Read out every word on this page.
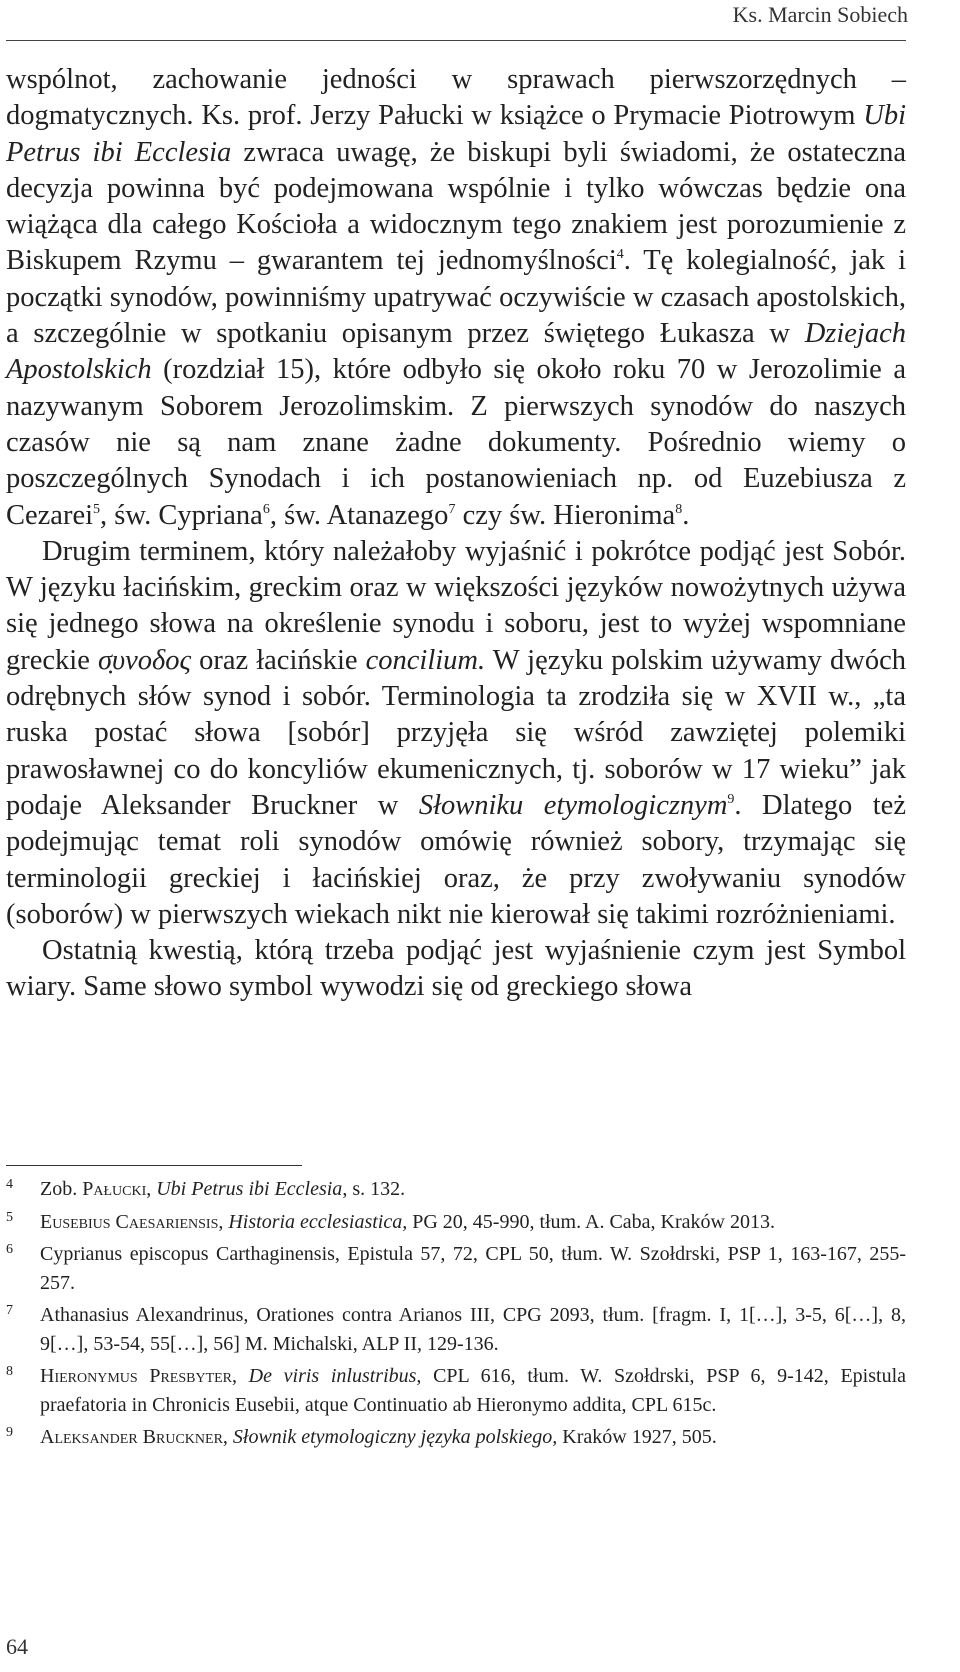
Ks. Marcin Sobiech

wspólnot, zachowanie jedności w sprawach pierwszorzędnych – dogmatycznych. Ks. prof. Jerzy Pałucki w książce o Prymacie Piotrowym Ubi Petrus ibi Ecclesia zwraca uwagę, że biskupi byli świadomi, że ostateczna decyzja powinna być podejmowana wspólnie i tylko wówczas będzie ona wiążąca dla całego Kościoła a widocznym tego znakiem jest porozumienie z Biskupem Rzymu – gwarantem tej jednomyślności$^4$. Tę kolegialność, jak i początki synodów, powinniśmy upatrywać oczywiście w czasach apostolskich, a szczególnie w spotkaniu opisanym przez świętego Łukasza w Dziejach Apostolskich (rozdział 15), które odbyło się około roku 70 w Jerozolimie a nazywanym Soborem Jerozolimskim. Z pierwszych synodów do naszych czasów nie są nam znane żadne dokumenty. Pośrednio wiemy o poszczególnych Synodach i ich postanowieniach np. od Euzebiusza z Cezarei$^5$, św. Cypriana$^6$, św. Atanazego$^7$ czy św. Hieronima$^8$.

Drugim terminem, który należałoby wyjaśnić i pokrótce podjąć jest Sobór. W języku łacińskim, greckim oraz w większości języków nowożytnych używa się jednego słowa na określenie synodu i soboru, jest to wyżej wspomniane greckie σ̣υνοδος oraz łacińskie concilium. W języku polskim używamy dwóch odrębnych słów synod i sobór. Terminologia ta zrodziła się w XVII w., „ta ruska postać słowa [sobór] przyjęła się wśród zawziętej polemiki prawosławnej co do koncyliów ekumenicznych, tj. soborów w 17 wieku” jak podaje Aleksander Bruckner w Słowniku etymologicznym$^9$. Dlatego też podejmując temat roli synodów omówię również sobory, trzymając się terminologii greckiej i łacińskiej oraz, że przy zwoływaniu synodów (soborów) w pierwszych wiekach nikt nie kierował się takimi rozróżnieniami.

Ostatnią kwestią, którą trzeba podjąć jest wyjaśnienie czym jest Symbol wiary. Same słowo symbol wywodzi się od greckiego słowa

4 Zob. Pałucki, Ubi Petrus ibi Ecclesia, s. 132.
5 Eusebius Caesariensis, Historia ecclesiastica, PG 20, 45-990, tłum. A. Caba, Kraków 2013.
6 Cyprianus episcopus Carthaginensis, Epistula 57, 72, CPL 50, tłum. W. Szołdrski, PSP 1, 163-167, 255-257.
7 Athanasius Alexandrinus, Orationes contra Arianos III, CPG 2093, tłum. [fragm. I, 1[…], 3-5, 6[…], 8, 9[…], 53-54, 55[…], 56] M. Michalski, ALP II, 129-136.
8 Hieronymus Presbyter, De viris inlustribus, CPL 616, tłum. W. Szołdrski, PSP 6, 9-142, Epistula praefatoria in Chronicis Eusebii, atque Continuatio ab Hieronymo addita, CPL 615c.
9 Aleksander Bruckner, Słownik etymologiczny języka polskiego, Kraków 1927, 505.
64
